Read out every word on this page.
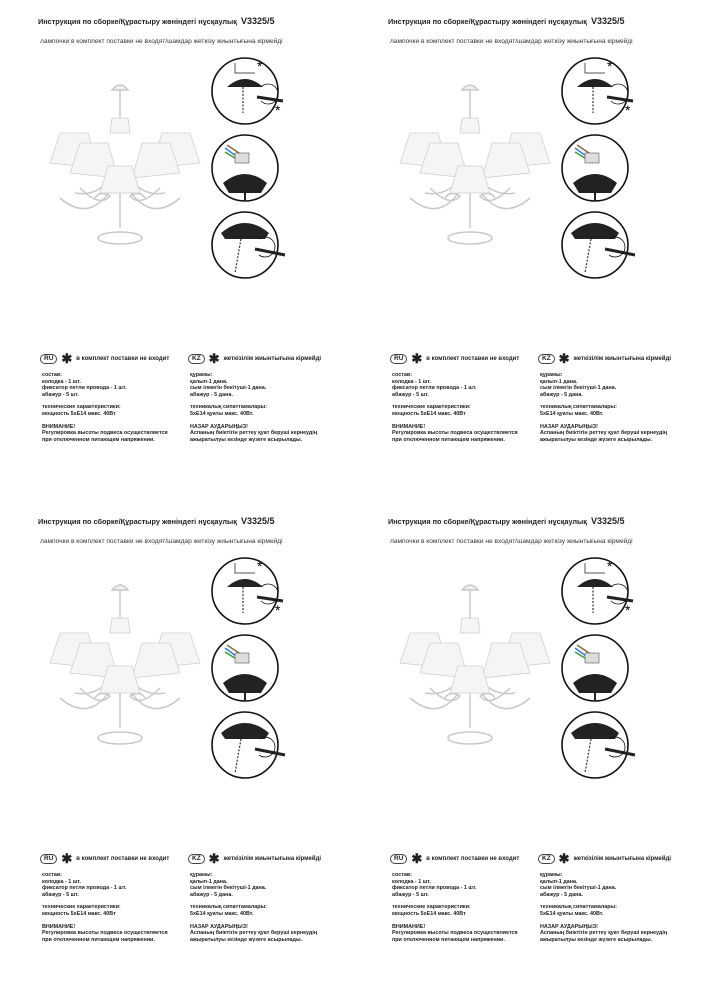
Инструкция по сборке/Құрастыру жөніндегі нұсқаулық V3325/5
лампочки в комплект поставки не входят/шамдар жеткізу жиынтығына кірмейді
*
*
RU ✱ в комплект поставки не входит	KZ ✱ жеткізілім жиынтығына кірмейді
состав:
колодка - 1 шт.
фиксатор петли провода - 1 шт.
абажур - 5 шт.
технические характеристики:
мощность 5хЕ14 макс. 40Вт
ВНИМАНИЕ!
Регулировка высоты подвеса осуществляется
при отключенном питающем напряжении.
құрамы:
қалып-1 дана.
сым ілмегін бекітуші-1 дана.
абажур - 5 дана.
техникалық сипаттамалары:
5хЕ14 қуаты макс. 40Вт.
НАЗАР АУДАРЫҢЫЗ!
Аспаның биіктігін реттеу қуат беруші кернеудің
ажыратылуы кезінде жүзеге асырылады.
Инструкция по сборке/Құрастыру жөніндегі нұсқаулық V3325/5
лампочки в комплект поставки не входят/шамдар жеткізу жиынтығына кірмейді
*
*
RU ✱ в комплект поставки не входит	KZ ✱ жеткізілім жиынтығына кірмейді
состав:
колодка - 1 шт.
фиксатор петли провода - 1 шт.
абажур - 5 шт.
технические характеристики:
мощность 5хЕ14 макс. 40Вт
ВНИМАНИЕ!
Регулировка высоты подвеса осуществляется
при отключенном питающем напряжении.
құрамы:
қалып-1 дана.
сым ілмегін бекітуші-1 дана.
абажур - 5 дана.
техникалық сипаттамалары:
5хЕ14 қуаты макс. 40Вт.
НАЗАР АУДАРЫҢЫЗ!
Аспаның биіктігін реттеу қуат беруші кернеудің
ажыратылуы кезінде жүзеге асырылады.
Инструкция по сборке/Құрастыру жөніндегі нұсқаулық V3325/5
лампочки в комплект поставки не входят/шамдар жеткізу жиынтығына кірмейді
*
*
RU ✱ в комплект поставки не входит	KZ ✱ жеткізілім жиынтығына кірмейді
состав:
колодка - 1 шт.
фиксатор петли провода - 1 шт.
абажур - 5 шт.
технические характеристики:
мощность 5хЕ14 макс. 40Вт
ВНИМАНИЕ!
Регулировка высоты подвеса осуществляется
при отключенном питающем напряжении.
құрамы:
қалып-1 дана.
сым ілмегін бекітуші-1 дана.
абажур - 5 дана.
техникалық сипаттамалары:
5хЕ14 қуаты макс. 40Вт.
НАЗАР АУДАРЫҢЫЗ!
Аспаның биіктігін реттеу қуат беруші кернеудің
ажыратылуы кезінде жүзеге асырылады.
Инструкция по сборке/Құрастыру жөніндегі нұсқаулық V3325/5
лампочки в комплект поставки не входят/шамдар жеткізу жиынтығына кірмейді
*
*
RU ✱ в комплект поставки не входит	KZ ✱ жеткізілім жиынтығына кірмейді
состав:
колодка - 1 шт.
фиксатор петли провода - 1 шт.
абажур - 5 шт.
технические характеристики:
мощность 5хЕ14 макс. 40Вт
ВНИМАНИЕ!
Регулировка высоты подвеса осуществляется
при отключенном питающем напряжении.
құрамы:
қалып-1 дана.
сым ілмегін бекітуші-1 дана.
абажур - 5 дана.
техникалық сипаттамалары:
5хЕ14 қуаты макс. 40Вт.
НАЗАР АУДАРЫҢЫЗ!
Аспаның биіктігін реттеу қуат беруші кернеудің
ажыратылуы кезінде жүзеге асырылады.
